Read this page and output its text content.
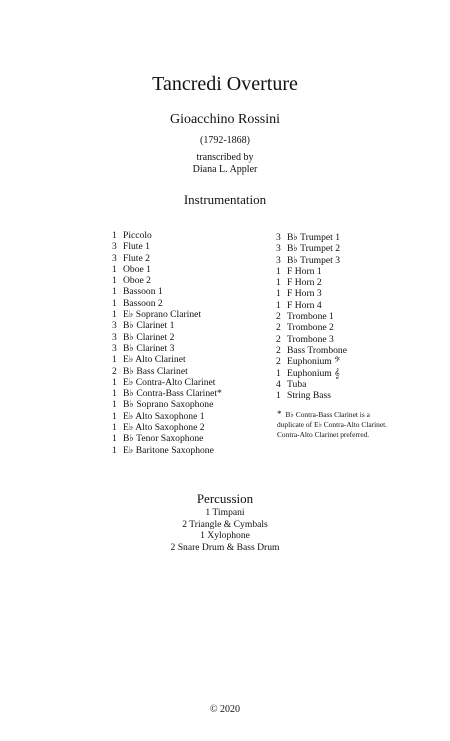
Tancredi Overture
Gioacchino Rossini
(1792-1868)
transcribed by
Diana L. Appler
Instrumentation
1 Piccolo
3 Flute 1
3 Flute 2
1 Oboe 1
1 Oboe 2
1 Bassoon 1
1 Bassoon 2
1 E♭ Soprano Clarinet
3 B♭ Clarinet 1
3 B♭ Clarinet 2
3 B♭ Clarinet 3
1 E♭ Alto Clarinet
2 B♭ Bass Clarinet
1 E♭ Contra-Alto Clarinet
1 B♭ Contra-Bass Clarinet*
1 B♭ Soprano Saxophone
1 E♭ Alto Saxophone 1
1 E♭ Alto Saxophone 2
1 B♭ Tenor Saxophone
1 E♭ Baritone Saxophone
3 B♭ Trumpet 1
3 B♭ Trumpet 2
3 B♭ Trumpet 3
1 F Horn 1
1 F Horn 2
1 F Horn 3
1 F Horn 4
2 Trombone 1
2 Trombone 2
2 Trombone 3
2 Bass Trombone
2 Euphonium 𝄢
1 Euphonium 𝄞
4 Tuba
1 String Bass
* B♭ Contra-Bass Clarinet is a
duplicate of E♭ Contra-Alto Clarinet.
Contra-Alto Clarinet preferred.
Percussion
1 Timpani
2 Triangle & Cymbals
1 Xylophone
2 Snare Drum & Bass Drum
© 2020
